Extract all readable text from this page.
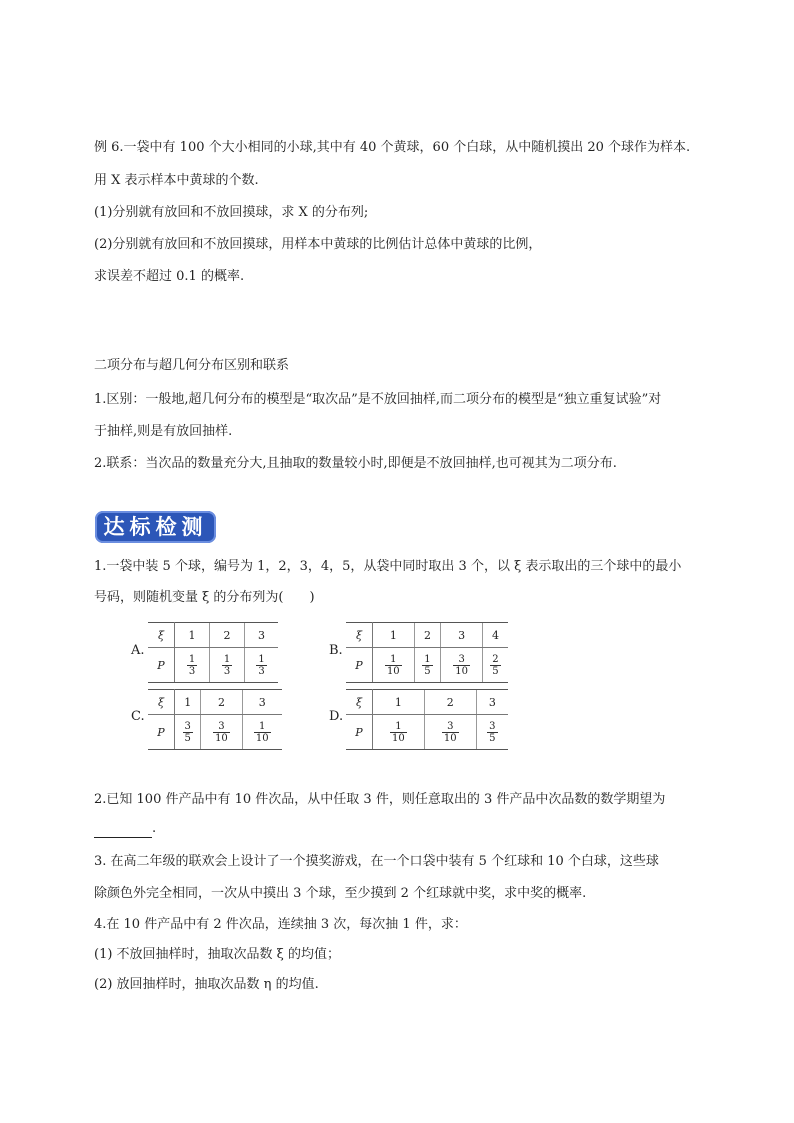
例 6.一袋中有 100 个大小相同的小球,其中有 40 个黄球，60 个白球，从中随机摸出 20 个球作为样本.
用 X 表示样本中黄球的个数.
(1)分别就有放回和不放回摸球，求 X 的分布列;
(2)分别就有放回和不放回摸球，用样本中黄球的比例估计总体中黄球的比例，
求误差不超过 0.1 的概率.
二项分布与超几何分布区别和联系
1.区别：一般地,超几何分布的模型是“取次品”是不放回抽样,而二项分布的模型是“独立重复试验”对
于抽样,则是有放回抽样.
2.联系：当次品的数量充分大,且抽取的数量较小时,即便是不放回抽样,也可视其为二项分布.
达标检测
1.一袋中装 5 个球，编号为 1，2，3，4，5，从袋中同时取出 3 个，以 ξ 表示取出的三个球中的最小
号码，则随机变量 ξ 的分布列为(　　)
A.
ξ	1	2	3
P	$\frac{1}{3}$	$\frac{1}{3}$	$\frac{1}{3}$
B.
ξ	1	2	3	4
P	$\frac{1}{10}$	$\frac{1}{5}$	$\frac{3}{10}$	$\frac{2}{5}$
C.
ξ	1	2	3
P	$\frac{3}{5}$	$\frac{3}{10}$	$\frac{1}{10}$
D.
ξ	1	2	3
P	$\frac{1}{10}$	$\frac{3}{10}$	$\frac{3}{5}$
2.已知 100 件产品中有 10 件次品，从中任取 3 件，则任意取出的 3 件产品中次品数的数学期望为
.
3. 在高二年级的联欢会上设计了一个摸奖游戏，在一个口袋中装有 5 个红球和 10 个白球，这些球
除颜色外完全相同，一次从中摸出 3 个球，至少摸到 2 个红球就中奖，求中奖的概率.
4.在 10 件产品中有 2 件次品，连续抽 3 次，每次抽 1 件，求：
(1) 不放回抽样时，抽取次品数 ξ 的均值；
(2) 放回抽样时，抽取次品数 η 的均值.
